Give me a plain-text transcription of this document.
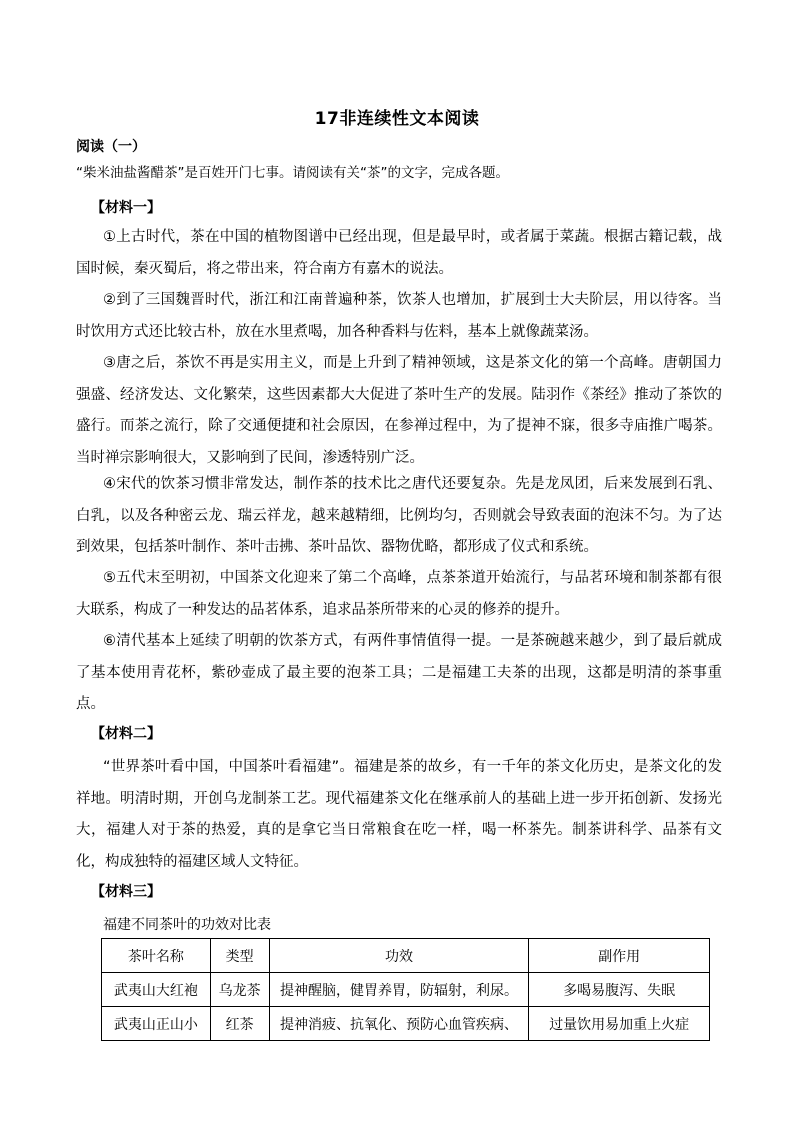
17非连续性文本阅读
阅读（一）
“柴米油盐酱醋茶”是百姓开门七事。请阅读有关“茶”的文字，完成各题。
【材料一】

①上古时代，茶在中国的植物图谱中已经出现，但是最早时，或者属于菜蔬。根据古籍记载，战国时候，秦灭蜀后，将之带出来，符合南方有嘉木的说法。

②到了三国魏晋时代，浙江和江南普遍种茶，饮茶人也增加，扩展到士大夫阶层，用以待客。当时饮用方式还比较古朴，放在水里煮喝，加各种香料与佐料，基本上就像蔬菜汤。

③唐之后，茶饮不再是实用主义，而是上升到了精神领域，这是茶文化的第一个高峰。唐朝国力强盛、经济发达、文化繁荣，这些因素都大大促进了茶叶生产的发展。陆羽作《茶经》推动了茶饮的盛行。而茶之流行，除了交通便捷和社会原因，在参禅过程中，为了提神不寐，很多寺庙推广喝茶。当时禅宗影响很大，又影响到了民间，渗透特别广泛。

④宋代的饮茶习惯非常发达，制作茶的技术比之唐代还要复杂。先是龙凤团，后来发展到石乳、白乳，以及各种密云龙、瑞云祥龙，越来越精细，比例均匀，否则就会导致表面的泡沫不匀。为了达到效果，包括茶叶制作、茶叶击拂、茶叶品饮、器物优略，都形成了仪式和系统。

⑤五代末至明初，中国茶文化迎来了第二个高峰，点茶茶道开始流行，与品茗环境和制茶都有很大联系，构成了一种发达的品茗体系，追求品茶所带来的心灵的修养的提升。

⑥清代基本上延续了明朝的饮茶方式，有两件事情值得一提。一是茶碗越来越少，到了最后就成了基本使用青花杯，紫砂壶成了最主要的泡茶工具；二是福建工夫茶的出现，这都是明清的茶事重点。

【材料二】

“世界茶叶看中国，中国茶叶看福建”。福建是茶的故乡，有一千年的茶文化历史，是茶文化的发祥地。明清时期，开创乌龙制茶工艺。现代福建茶文化在继承前人的基础上进一步开拓创新、发扬光大，福建人对于茶的热爱，真的是拿它当日常粮食在吃一样，喝一杯茶先。制茶讲科学、品茶有文化，构成独特的福建区域人文特征。

【材料三】
福建不同茶叶的功效对比表
茶叶名称	类型	功效	副作用
武夷山大红袍	乌龙茶	提神醒脑，健胃养胃，防辐射，利尿。	多喝易腹泻、失眠
武夷山正山小	红茶	提神消疲、抗氧化、预防心血管疾病、	过量饮用易加重上火症
